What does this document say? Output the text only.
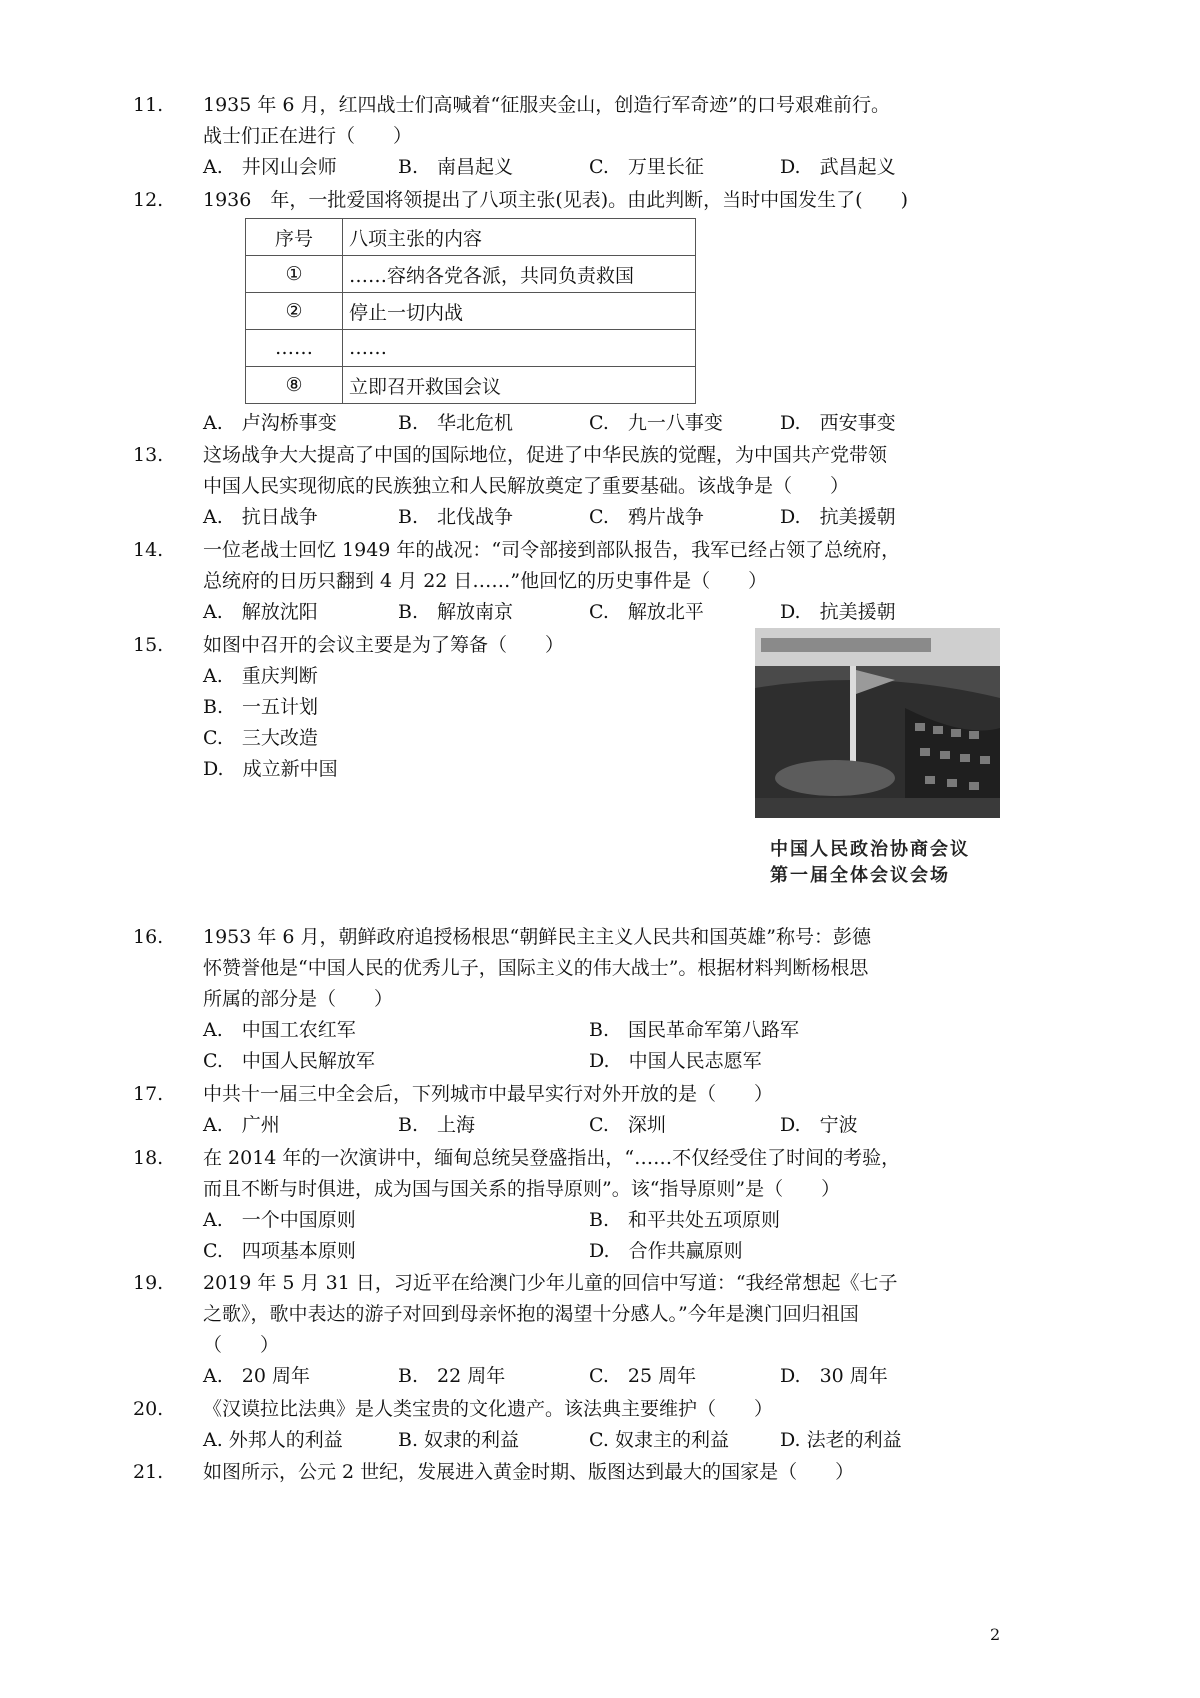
11.	1935 年 6 月，红四战士们高喊着“征服夹金山，创造行军奇迹”的口号艰难前行。
战士们正在进行（　　）
A.　井冈山会师	B.　南昌起义	C.　万里长征	D.　武昌起义
12.	1936　年，一批爱国将领提出了八项主张(见表)。由此判断，当时中国发生了(　　)
序号	八项主张的内容
①	……容纳各党各派，共同负责救国
②	停止一切内战
……	……
⑧	立即召开救国会议
A.　卢沟桥事变	B.　华北危机	C.　九一八事变	D.　西安事变
13.	这场战争大大提高了中国的国际地位，促进了中华民族的觉醒，为中国共产党带领
中国人民实现彻底的民族独立和人民解放奠定了重要基础。该战争是（　　）
A.　抗日战争	B.　北伐战争	C.　鸦片战争	D.　抗美援朝
14.	一位老战士回忆 1949 年的战况：“司令部接到部队报告，我军已经占领了总统府，
总统府的日历只翻到 4 月 22 日……”他回忆的历史事件是（　　）
A.　解放沈阳	B.　解放南京	C.　解放北平	D.　抗美援朝
15.	如图中召开的会议主要是为了筹备（　　）
A.　重庆判断
B.　一五计划
C.　三大改造
D.　成立新中国
中国人民政治协商会议
第一届全体会议会场
16.	1953 年 6 月，朝鲜政府追授杨根思“朝鲜民主主义人民共和国英雄”称号：彭德
怀赞誉他是“中国人民的优秀儿子，国际主义的伟大战士”。根据材料判断杨根思
所属的部分是（　　）
A.　中国工农红军	B.　国民革命军第八路军
C.　中国人民解放军	D.　中国人民志愿军
17.	中共十一届三中全会后，下列城市中最早实行对外开放的是（　　）
A.　广州	B.　上海	C.　深圳	D.　宁波
18.	在 2014 年的一次演讲中，缅甸总统吴登盛指出，“……不仅经受住了时间的考验，
而且不断与时俱进，成为国与国关系的指导原则”。该“指导原则”是（　　）
A.　一个中国原则	B.　和平共处五项原则
C.　四项基本原则	D.　合作共赢原则
19.	2019 年 5 月 31 日，习近平在给澳门少年儿童的回信中写道：“我经常想起《七子
之歌》，歌中表达的游子对回到母亲怀抱的渴望十分感人。”今年是澳门回归祖国
（　　）
A.　20 周年	B.　22 周年	C.　25 周年	D.　30 周年
20.	《汉谟拉比法典》是人类宝贵的文化遗产。该法典主要维护（　　）
A. 外邦人的利益	B. 奴隶的利益	C. 奴隶主的利益	D. 法老的利益
21.	如图所示，公元 2 世纪，发展进入黄金时期、版图达到最大的国家是（　　）
2
